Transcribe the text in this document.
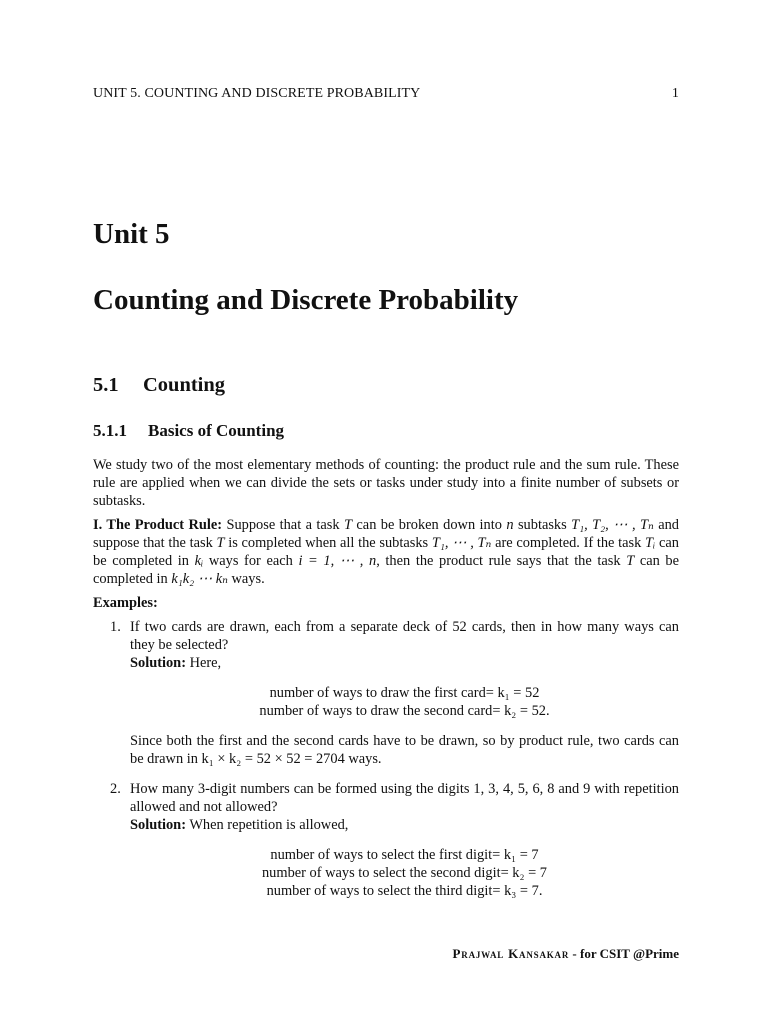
UNIT 5. COUNTING AND DISCRETE PROBABILITY	1
Unit 5
Counting and Discrete Probability
5.1 Counting
5.1.1 Basics of Counting

We study two of the most elementary methods of counting: the product rule and the sum rule. These rule are applied when we can divide the sets or tasks under study into a finite number of subsets or subtasks.

I. The Product Rule: Suppose that a task T can be broken down into n subtasks T₁, T₂, ⋯ , Tₙ and suppose that the task T is completed when all the subtasks T₁, ⋯ , Tₙ are completed. If the task Tᵢ can be completed in kᵢ ways for each i = 1, ⋯ , n, then the product rule says that the task T can be completed in k₁k₂ ⋯ kₙ ways.

Examples:

1. If two cards are drawn, each from a separate deck of 52 cards, then in how many ways can they be selected?

Solution: Here,

number of ways to draw the first card= k₁ = 52
number of ways to draw the second card= k₂ = 52.

Since both the first and the second cards have to be drawn, so by product rule, two cards can be drawn in k₁ × k₂ = 52 × 52 = 2704 ways.

2. How many 3-digit numbers can be formed using the digits 1, 3, 4, 5, 6, 8 and 9 with repetition allowed and not allowed?

Solution: When repetition is allowed,

number of ways to select the first digit= k₁ = 7
number of ways to select the second digit= k₂ = 7
number of ways to select the third digit= k₃ = 7.
Prajwal Kansakar - for CSIT @Prime
